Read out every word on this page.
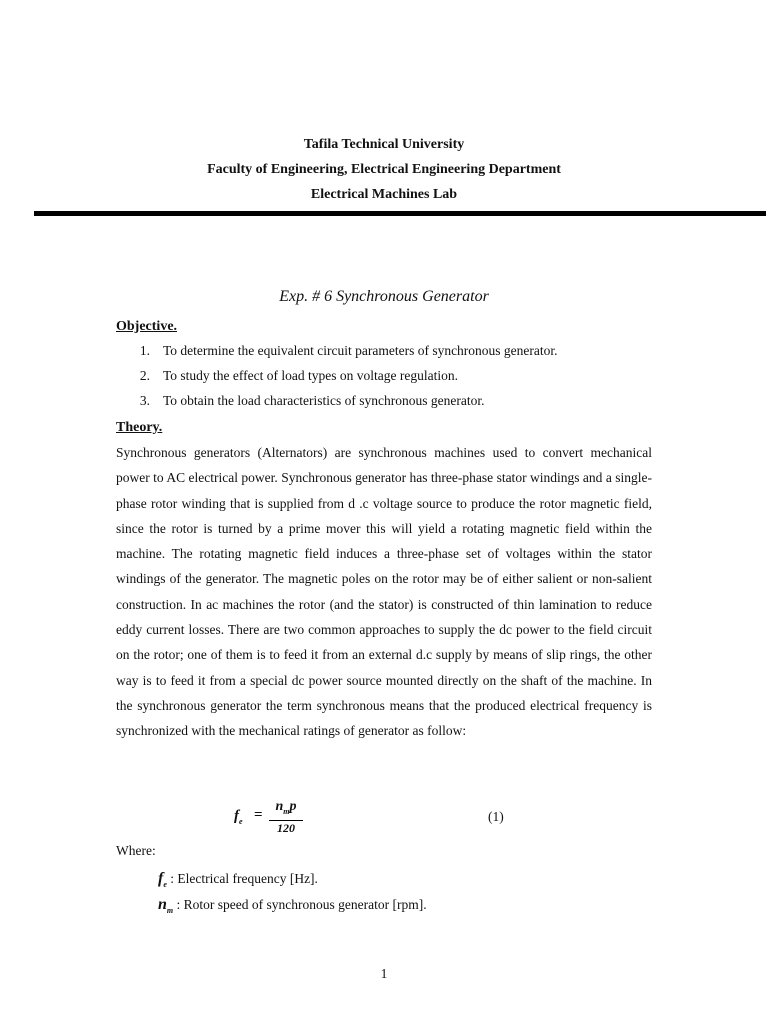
Tafila Technical University
Faculty of Engineering, Electrical Engineering Department
Electrical Machines Lab
Exp. # 6 Synchronous Generator
Objective.
1. To determine the equivalent circuit parameters of synchronous generator.
2. To study the effect of load types on voltage regulation.
3. To obtain the load characteristics of synchronous generator.
Theory.

Synchronous generators (Alternators) are synchronous machines used to convert mechanical power to AC electrical power. Synchronous generator has three-phase stator windings and a single-phase rotor winding that is supplied from d .c voltage source to produce the rotor magnetic field, since the rotor is turned by a prime mover this will yield a rotating magnetic field within the machine. The rotating magnetic field induces a three-phase set of voltages within the stator windings of the generator. The magnetic poles on the rotor may be of either salient or non-salient construction. In ac machines the rotor (and the stator) is constructed of thin lamination to reduce eddy current losses. There are two common approaches to supply the dc power to the field circuit on the rotor; one of them is to feed it from an external d.c supply by means of slip rings, the other way is to feed it from a special dc power source mounted directly on the shaft of the machine. In the synchronous generator the term synchronous means that the produced electrical frequency is synchronized with the mechanical ratings of generator as follow:

$f_e$ =
$n_mp$
120
(1)
Where:
$f_e$ : Electrical frequency [Hz].
$n_m$ : Rotor speed of synchronous generator [rpm].
1
